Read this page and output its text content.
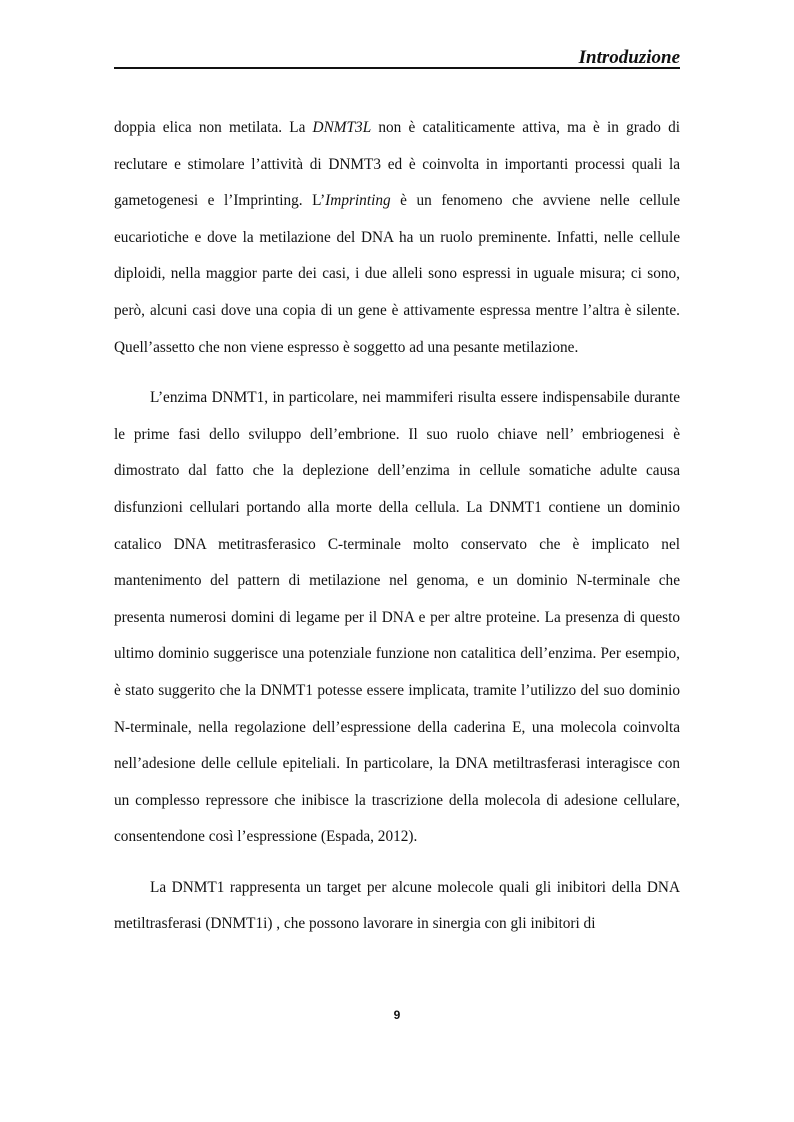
Introduzione

doppia elica non metilata. La DNMT3L non è cataliticamente attiva, ma è in grado di reclutare e stimolare l’attività di DNMT3 ed è coinvolta in importanti processi quali la gametogenesi e l’Imprinting. L’Imprinting è un fenomeno che avviene nelle cellule eucariotiche e dove la metilazione del DNA ha un ruolo preminente. Infatti, nelle cellule diploidi, nella maggior parte dei casi, i due alleli sono espressi in uguale misura; ci sono, però, alcuni casi dove una copia di un gene è attivamente espressa mentre l’altra è silente. Quell’assetto che non viene espresso è soggetto ad una pesante metilazione.

L’enzima DNMT1, in particolare, nei mammiferi risulta essere indispensabile durante le prime fasi dello sviluppo dell’embrione. Il suo ruolo chiave nell’ embriogenesi è dimostrato dal fatto che la deplezione dell’enzima in cellule somatiche adulte causa disfunzioni cellulari portando alla morte della cellula. La DNMT1 contiene un dominio catalico DNA metitrasferasico C-terminale molto conservato che è implicato nel mantenimento del pattern di metilazione nel genoma, e un dominio N-terminale che presenta numerosi domini di legame per il DNA e per altre proteine. La presenza di questo ultimo dominio suggerisce una potenziale funzione non catalitica dell’enzima. Per esempio, è stato suggerito che la DNMT1 potesse essere implicata, tramite l’utilizzo del suo dominio N-terminale, nella regolazione dell’espressione della caderina E, una molecola coinvolta nell’adesione delle cellule epiteliali. In particolare, la DNA metiltrasferasi interagisce con un complesso repressore che inibisce la trascrizione della molecola di adesione cellulare, consentendone così l’espressione (Espada, 2012).

La DNMT1 rappresenta un target per alcune molecole quali gli inibitori della DNA metiltrasferasi (DNMT1i) , che possono lavorare in sinergia con gli inibitori di

9
